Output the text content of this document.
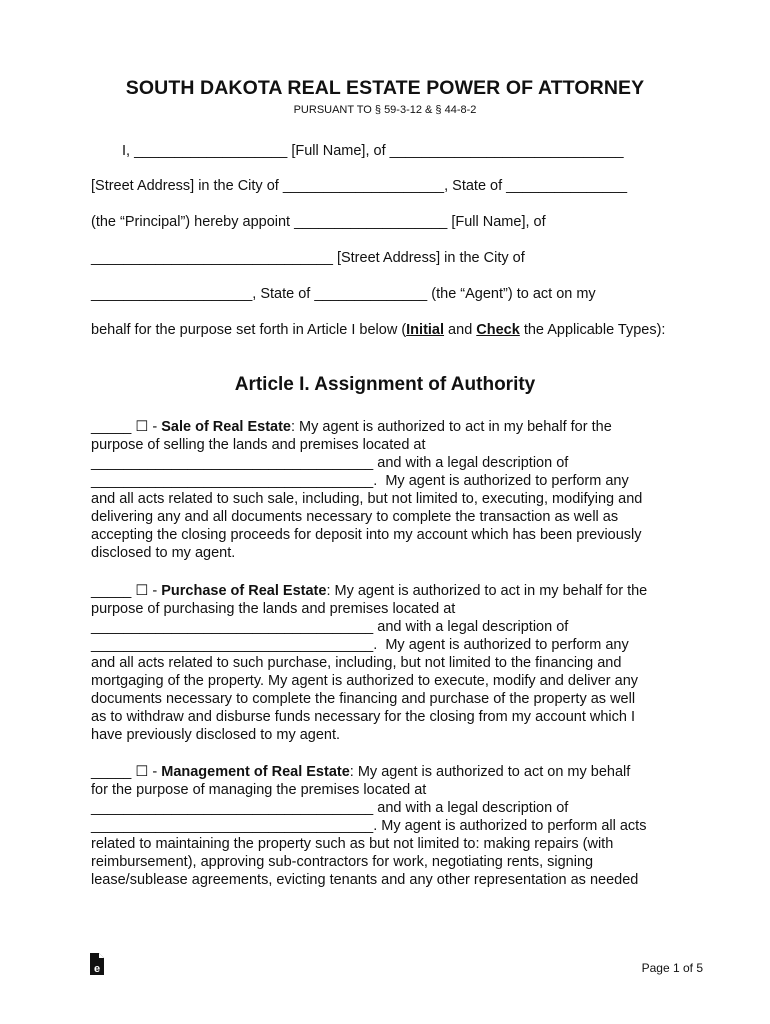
SOUTH DAKOTA REAL ESTATE POWER OF ATTORNEY
PURSUANT TO § 59-3-12 & § 44-8-2
I, ___________________ [Full Name], of _____________________________
[Street Address] in the City of ____________________, State of _______________
(the “Principal”) hereby appoint ___________________ [Full Name], of
______________________________ [Street Address] in the City of
____________________, State of ______________ (the “Agent”) to act on my
behalf for the purpose set forth in Article I below (Initial and Check the Applicable Types):
Article I. Assignment of Authority
_____ ☐ - Sale of Real Estate: My agent is authorized to act in my behalf for the
purpose of selling the lands and premises located at
___________________________________ and with a legal description of
___________________________________.  My agent is authorized to perform any
and all acts related to such sale, including, but not limited to, executing, modifying and
delivering any and all documents necessary to complete the transaction as well as
accepting the closing proceeds for deposit into my account which has been previously
disclosed to my agent.
_____ ☐ - Purchase of Real Estate: My agent is authorized to act in my behalf for the
purpose of purchasing the lands and premises located at
___________________________________ and with a legal description of
___________________________________.  My agent is authorized to perform any
and all acts related to such purchase, including, but not limited to the financing and
mortgaging of the property. My agent is authorized to execute, modify and deliver any
documents necessary to complete the financing and purchase of the property as well
as to withdraw and disburse funds necessary for the closing from my account which I
have previously disclosed to my agent.
_____ ☐ - Management of Real Estate: My agent is authorized to act on my behalf
for the purpose of managing the premises located at
___________________________________ and with a legal description of
___________________________________. My agent is authorized to perform all acts
related to maintaining the property such as but not limited to: making repairs (with
reimbursement), approving sub-contractors for work, negotiating rents, signing
lease/sublease agreements, evicting tenants and any other representation as needed
e	Page 1 of 5
